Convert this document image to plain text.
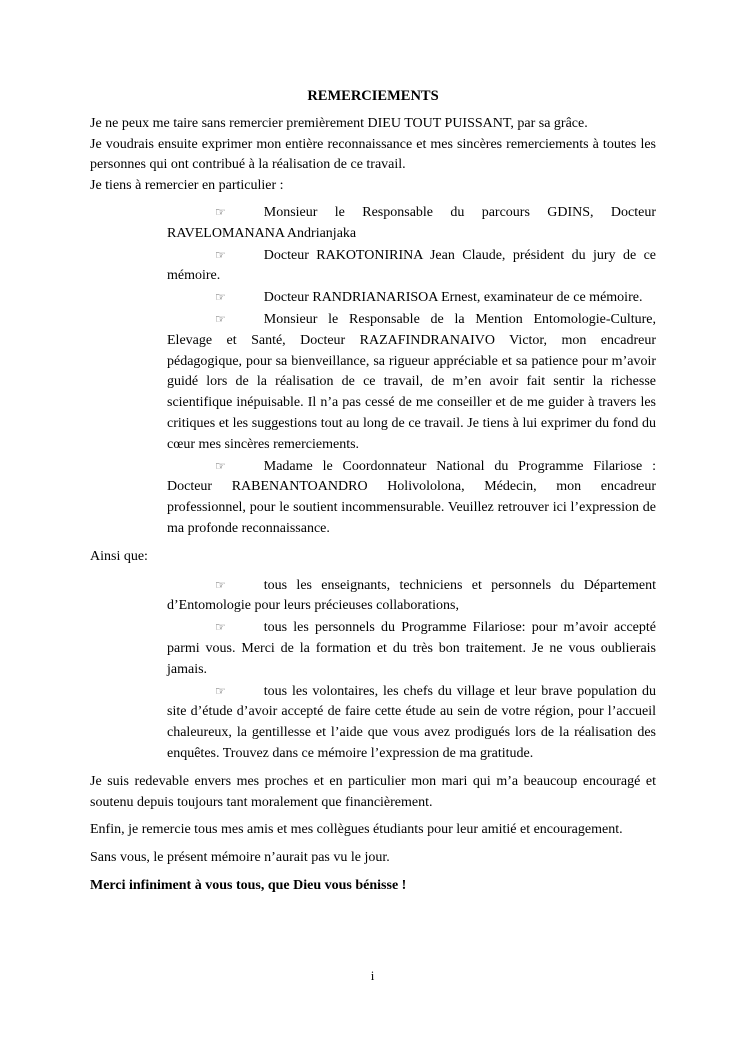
REMERCIEMENTS

Je ne peux me taire sans remercier premièrement DIEU TOUT PUISSANT, par sa grâce.

Je voudrais ensuite exprimer mon entière reconnaissance et mes sincères remerciements à toutes les personnes qui ont contribué à la réalisation de ce travail.

Je tiens à remercier en particulier :

☞	Monsieur le Responsable du parcours GDINS, Docteur RAVELOMANANA Andrianjaka

☞	Docteur RAKOTONIRINA Jean Claude, président du jury de ce mémoire.

☞	Docteur RANDRIANARISOA Ernest, examinateur de ce mémoire.

☞	Monsieur le Responsable de la Mention Entomologie-Culture, Elevage et Santé, Docteur RAZAFINDRANAIVO Victor, mon encadreur pédagogique, pour sa bienveillance, sa rigueur appréciable et sa patience pour m’avoir guidé lors de la réalisation de ce travail, de m’en avoir fait sentir la richesse scientifique inépuisable. Il n’a pas cessé de me conseiller et de me guider à travers les critiques et les suggestions tout au long de ce travail. Je tiens à lui exprimer du fond du cœur mes sincères remerciements.

☞	Madame le Coordonnateur National du Programme Filariose : Docteur RABENANTOANDRO Holivololona, Médecin, mon encadreur professionnel, pour le soutient incommensurable. Veuillez retrouver ici l’expression de ma profonde reconnaissance.

Ainsi que:

☞	tous les enseignants, techniciens et personnels du Département d’Entomologie pour leurs précieuses collaborations,

☞	tous les personnels du Programme Filariose: pour m’avoir accepté parmi vous. Merci de la formation et du très bon traitement. Je ne vous oublierais jamais.

☞	tous les volontaires, les chefs du village et leur brave population du site d’étude d’avoir accepté de faire cette étude au sein de votre région, pour l’accueil chaleureux, la gentillesse et l’aide que vous avez prodigués lors de la réalisation des enquêtes. Trouvez dans ce mémoire l’expression de ma gratitude.

Je suis redevable envers mes proches et en particulier mon mari qui m’a beaucoup encouragé et soutenu depuis toujours tant moralement que financièrement.

Enfin, je remercie tous mes amis et mes collègues étudiants pour leur amitié et encouragement.

Sans vous, le présent mémoire n’aurait pas vu le jour.

Merci infiniment à vous tous, que Dieu vous bénisse !

i
